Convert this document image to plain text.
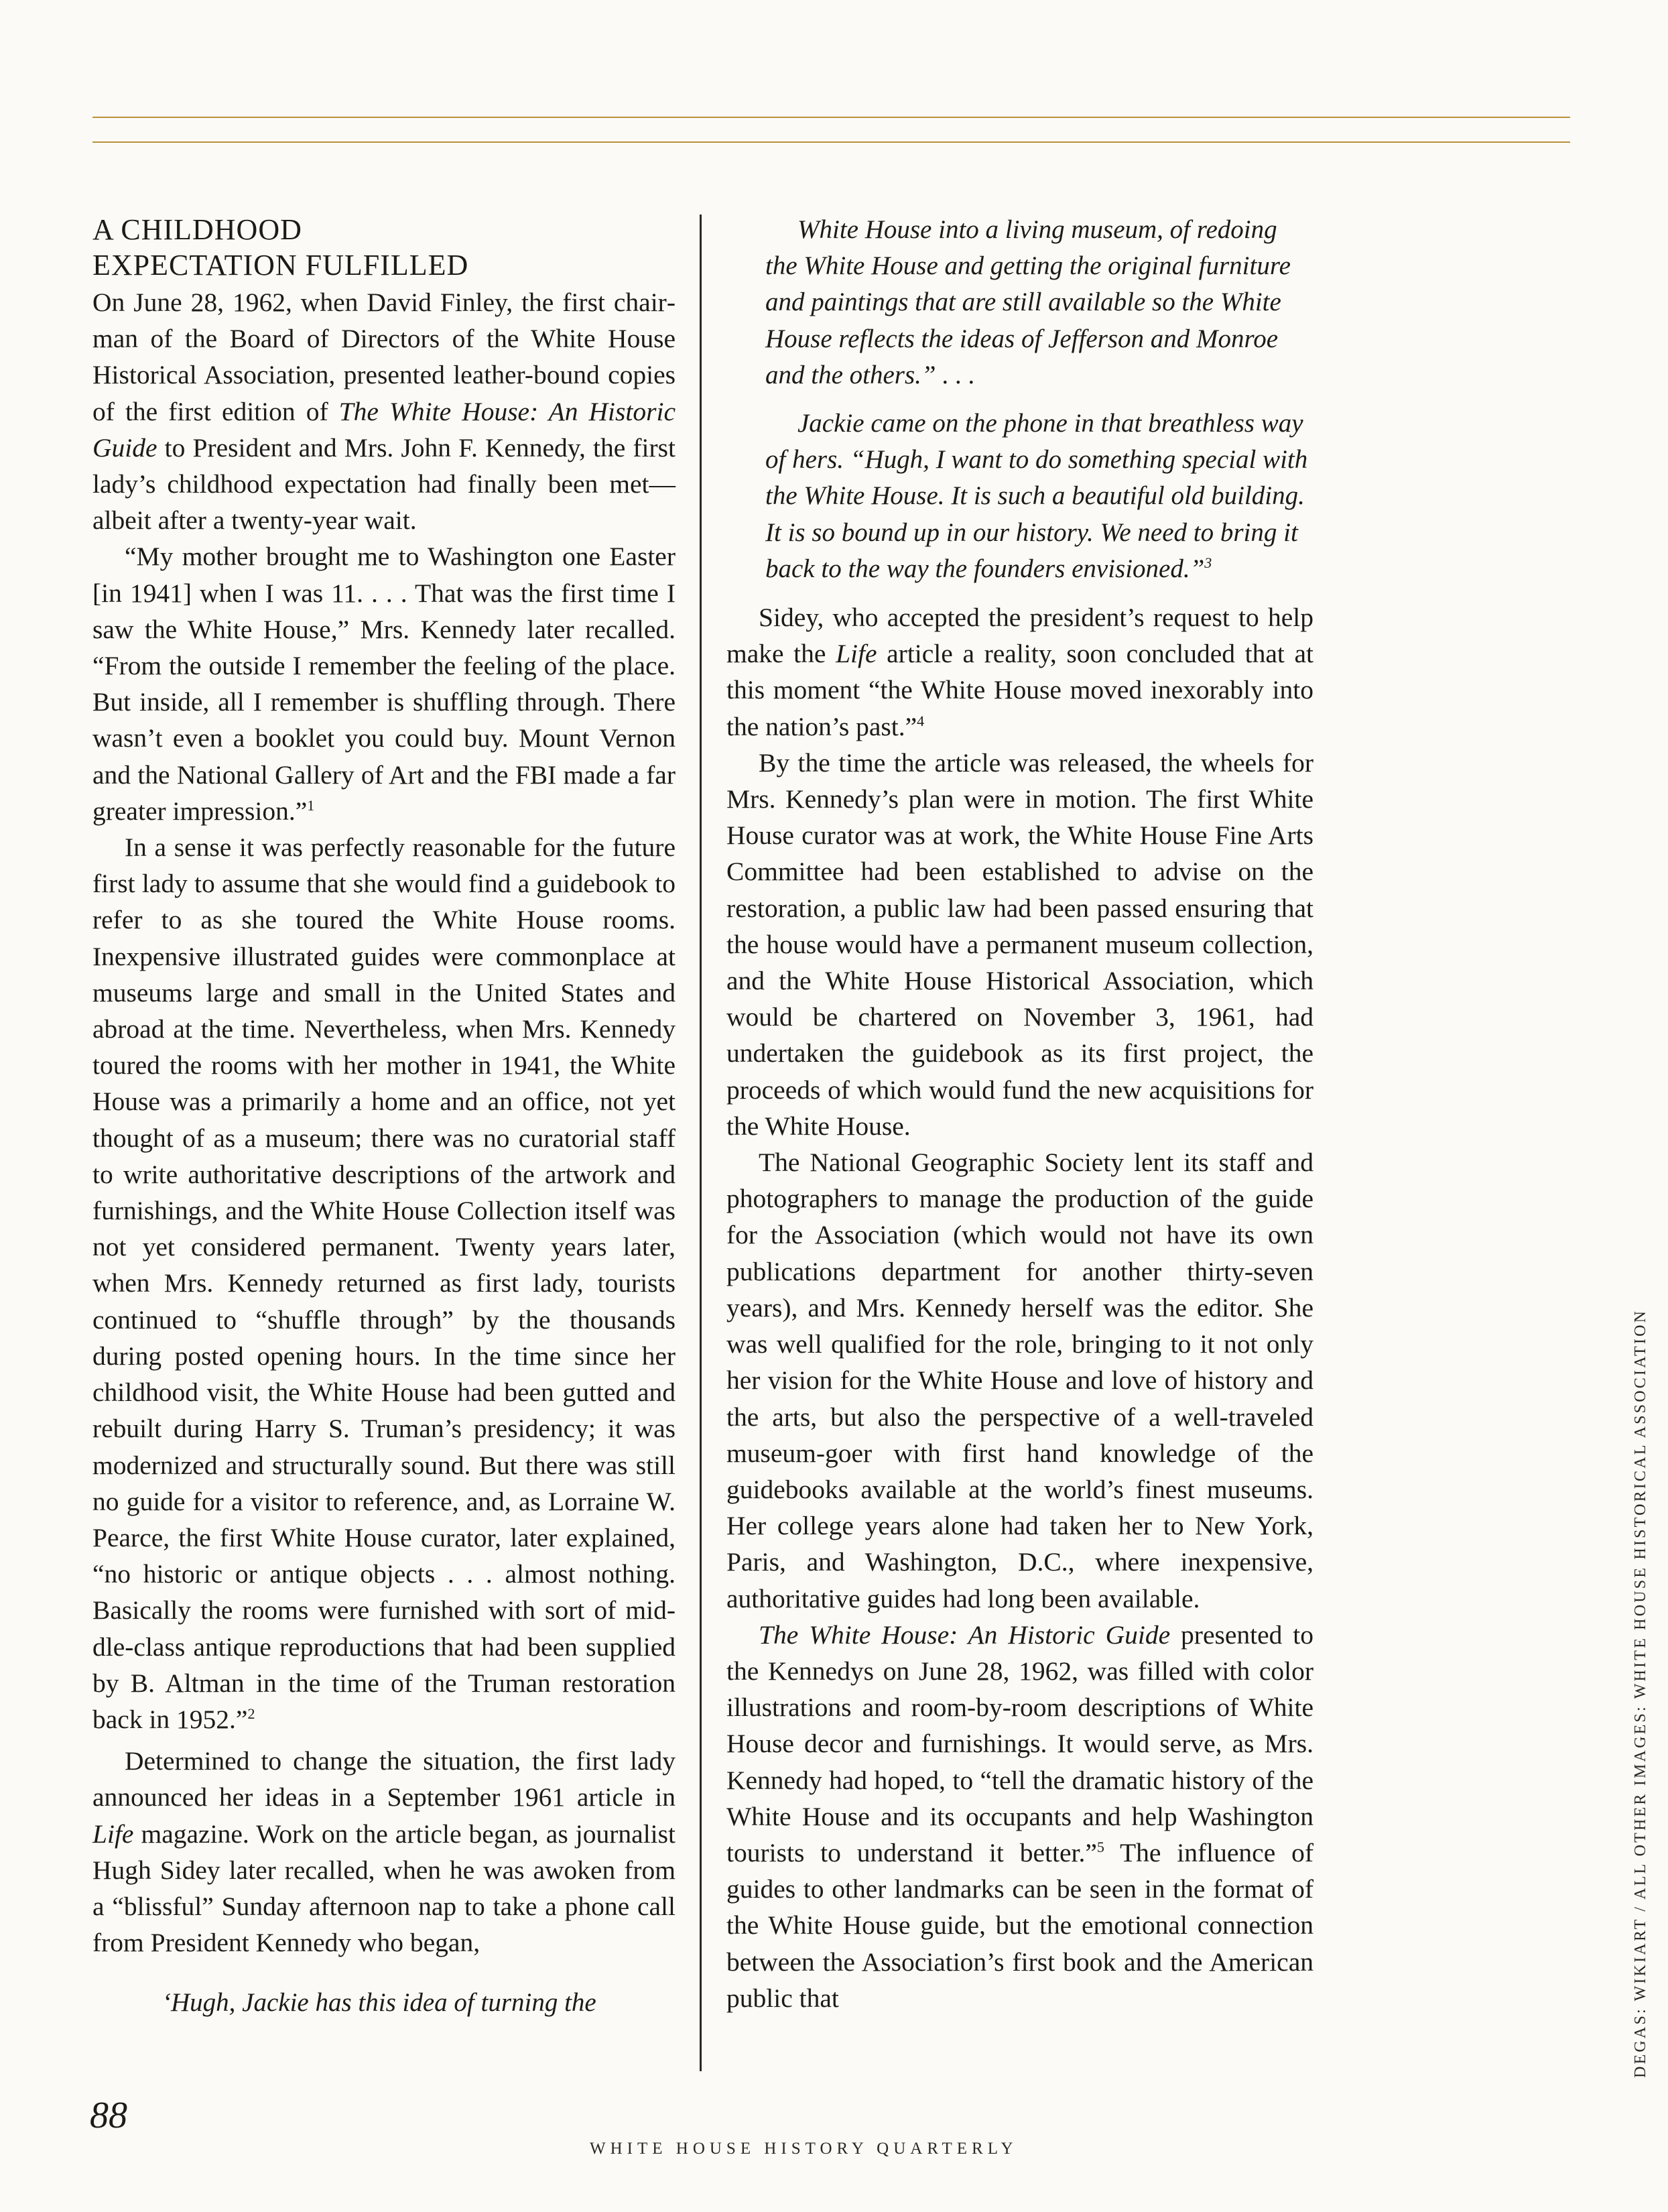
A CHILDHOOD
EXPECTATION FULFILLED

On June 28, 1962, when David Finley, the first chairman of the Board of Directors of the White House Historical Association, presented leather-bound copies of the first edition of The White House: An Historic Guide to President and Mrs. John F. Kennedy, the first lady’s childhood expectation had finally been met—albeit after a twenty-year wait.

“My mother brought me to Washington one Easter [in 1941] when I was 11. . . . That was the first time I saw the White House,” Mrs. Kennedy later recalled. “From the outside I remember the feeling of the place. But inside, all I remember is shuffling through. There wasn’t even a booklet you could buy. Mount Vernon and the National Gallery of Art and the FBI made a far greater impression.”$^1$

In a sense it was perfectly reasonable for the future first lady to assume that she would find a guidebook to refer to as she toured the White House rooms. Inexpensive illustrated guides were commonplace at museums large and small in the United States and abroad at the time. Nevertheless, when Mrs. Kennedy toured the rooms with her mother in 1941, the White House was a primarily a home and an office, not yet thought of as a museum; there was no curatorial staff to write authoritative descriptions of the artwork and furnishings, and the White House Collection itself was not yet considered permanent. Twenty years later, when Mrs. Kennedy returned as first lady, tourists continued to “shuffle through” by the thousands during posted opening hours. In the time since her childhood visit, the White House had been gutted and rebuilt during Harry S. Truman’s presidency; it was modernized and structurally sound. But there was still no guide for a visitor to reference, and, as Lorraine W. Pearce, the first White House curator, later explained, “no historic or antique objects . . . almost nothing. Basically the rooms were furnished with sort of middle-class antique reproductions that had been supplied by B. Altman in the time of the Truman restoration back in 1952.”$^2$

Determined to change the situation, the first lady announced her ideas in a September 1961 article in Life magazine. Work on the article began, as journalist Hugh Sidey later recalled, when he was awoken from a “blissful” Sunday afternoon nap to take a phone call from President Kennedy who began,

‘Hugh, Jackie has this idea of turning the

White House into a living museum, of redoing the White House and getting the original furniture and paintings that are still available so the White House reflects the ideas of Jefferson and Monroe and the others.” . . .

Jackie came on the phone in that breathless way of hers. “Hugh, I want to do something special with the White House. It is such a beautiful old building. It is so bound up in our history. We need to bring it back to the way the founders envisioned.”$^3$

Sidey, who accepted the president’s request to help make the Life article a reality, soon concluded that at this moment “the White House moved inexorably into the nation’s past.”$^4$

By the time the article was released, the wheels for Mrs. Kennedy’s plan were in motion. The first White House curator was at work, the White House Fine Arts Committee had been established to advise on the restoration, a public law had been passed ensuring that the house would have a permanent museum collection, and the White House Historical Association, which would be chartered on November 3, 1961, had undertaken the guidebook as its first project, the proceeds of which would fund the new acquisitions for the White House.

The National Geographic Society lent its staff and photographers to manage the production of the guide for the Association (which would not have its own publications department for another thirty-seven years), and Mrs. Kennedy herself was the editor. She was well qualified for the role, bringing to it not only her vision for the White House and love of history and the arts, but also the perspective of a well-traveled museum-goer with first hand knowledge of the guidebooks available at the world’s finest museums. Her college years alone had taken her to New York, Paris, and Washington, D.C., where inexpensive, authoritative guides had long been available.

The White House: An Historic Guide presented to the Kennedys on June 28, 1962, was filled with color illustrations and room-by-room descriptions of White House decor and furnishings. It would serve, as Mrs. Kennedy had hoped, to “tell the dramatic history of the White House and its occupants and help Washington tourists to understand it better.”$^5$ The influence of guides to other landmarks can be seen in the format of the White House guide, but the emotional connection between the Association’s first book and the American public that	DEGAS: WIKIART / ALL OTHER IMAGES: WHITE HOUSE HISTORICAL ASSOCIATION
88
WHITE HOUSE HISTORY QUARTERLY
